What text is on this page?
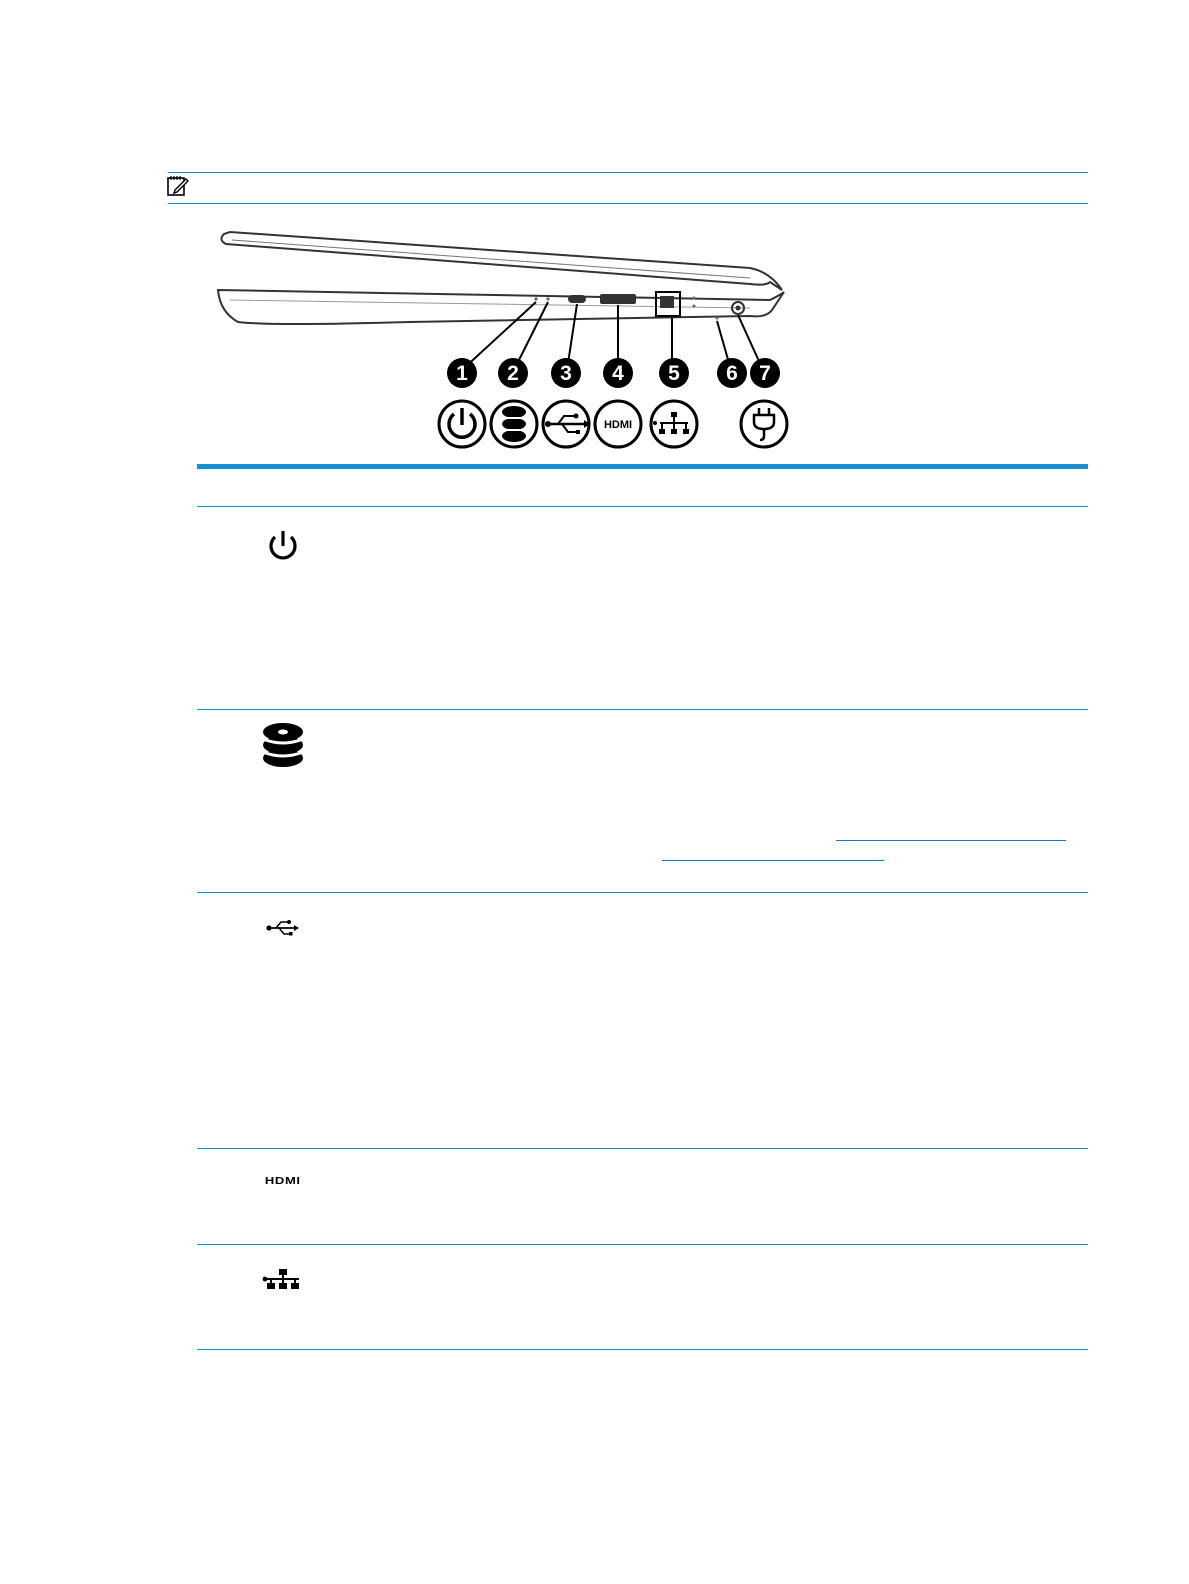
1 2 3 4 5 6 7
HDMI
HDMI
